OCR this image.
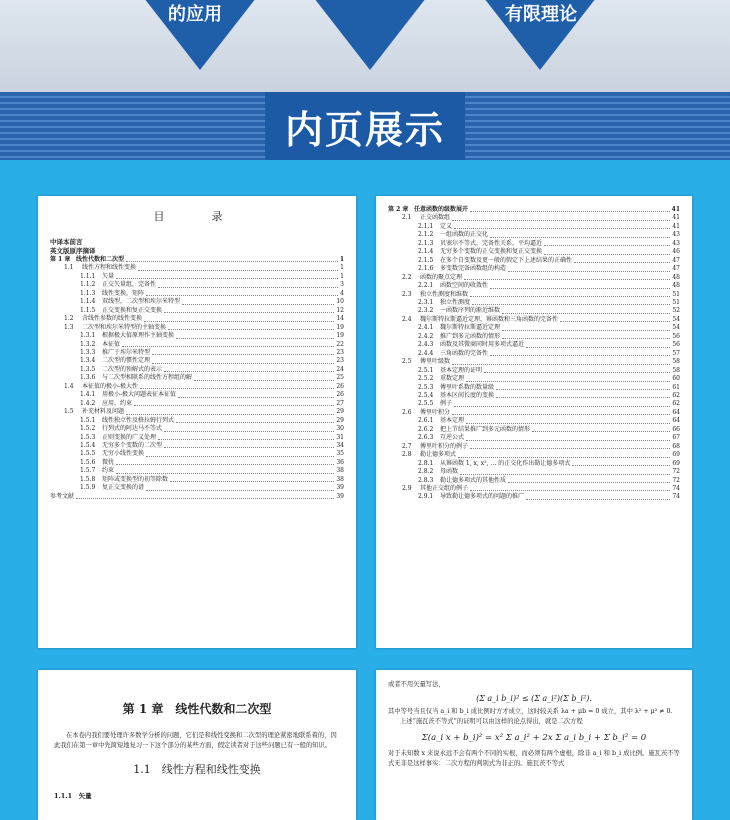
的应用	有限理论
内页展示
目　录
中译本前言
英文版原序摘译
第 1 章 线性代数和二次型	1
1.1	线性方程和线性变换	1
1.1.1	矢量	1
1.1.2	正交矢量组，完备性	3
1.1.3	线性变换，矩阵	4
1.1.4	双线型，二次型和埃尔米特型	10
1.1.5	正交变换和复正交变换	12
1.2	含线性参数的线性变换	14
1.3	二次型和埃尔米特型的主轴变换	19
1.3.1	根据极大值原理作主轴变换	19
1.3.2	本征值	22
1.3.3	推广于埃尔米特型	23
1.3.4	二次型的惯性定理	23
1.3.5	二次型的预解式的表示	24
1.3.6	与二次型相联系的线性方程组的解	25
1.4	本征值的极小-极大性	26
1.4.1	用极小-极大问题表征本征值	26
1.4.2	应用，约束	27
1.5	补充材料及问题	29
1.5.1	线性独立性及格拉姆行列式	29
1.5.2	行列式的阿达马不等式	30
1.5.3	正则变换的广义处理	31
1.5.4	无穷多个变数的二次型	34
1.5.5	无穷小线性变换	35
1.5.6	微扰	36
1.5.7	约束	38
1.5.8	矩阵或变换型的初等除数	38
1.5.9	复正交变换的谱	39
参考文献	39
第 2 章 任意函数的级数展开	41
2.1	正交函数组	41
2.1.1	定义	41
2.1.2	一组函数的正交化	43
2.1.3	贝塞尔不等式，完备性关系，平均逼近	43
2.1.4	无穷多个变数的正交变换和复正交变换	46
2.1.5	在多个自变数及更一般的假定下上述结果的正确性	47
2.1.6	多变数完备函数组的构造	47
2.2	函数的聚点定理	48
2.2.1	函数空间的收敛性	48
2.3	独立性测度和维数	51
2.3.1	独立性测度	51
2.3.2	一函数序列的渐近维数	52
2.4	魏尔斯特拉斯逼近定理，幂函数和三角函数的完备性	54
2.4.1	魏尔斯特拉斯逼近定理	54
2.4.2	推广到多元函数的情形	56
2.4.3	函数及其微商同时用多项式逼近	56
2.4.4	三角函数的完备性	57
2.5	傅里叶级数	58
2.5.1	基本定理的证明	58
2.5.2	重数定理	60
2.5.3	傅里叶系数的数量级	61
2.5.4	基本区间长度的变换	62
2.5.5	例子	62
2.6	傅里叶积分	64
2.6.1	基本定理	64
2.6.2	把上节结果推广到多元函数的情形	66
2.6.3	互逆公式	67
2.7	傅里叶积分的例子	68
2.8	勒让德多项式	69
2.8.1	从幂函数 1, x, x², … 的正交化作出勒让德多项式	69
2.8.2	母函数	72
2.8.3	勒让德多项式的其他性质	72
2.9	其他正交组的例子	74
2.9.1	导致勒让德多项式的问题的推广	74
第 1 章　线性代数和二次型
在本卷内我们要处理许多数学分析的问题，它们是和线性变换和二次型的理论紧密地联系着的，因此我们在第一章中先简短地复习一下这个部分的某些方面，假定读者对于这些问题已有一般的知识。
1.1　线性方程和线性变换
1.1.1　矢量
或者不用矢量写法，
(Σ a_i b_i)² ≤ (Σ a_i²)(Σ b_i²).
其中等号当且仅当 a_i 和 b_i 成比例时方才成立，这时较关系 λa + μb = 0 成立，其中 λ² + μ² ≠ 0.
上述“施瓦茨不等式”的证明可以由这样的论点得出，就是二次方程
Σ(a_i x + b_i)² = x² Σ a_i² + 2x Σ a_i b_i + Σ b_i² = 0
对于未知数 x 来说永远不会有两个不同的实根，而必须有两个虚根，除非 a_i 和 b_i 成比例。施瓦茨不等式无非是这样事实：二次方程的判别式为非正的。施瓦茨不等式
